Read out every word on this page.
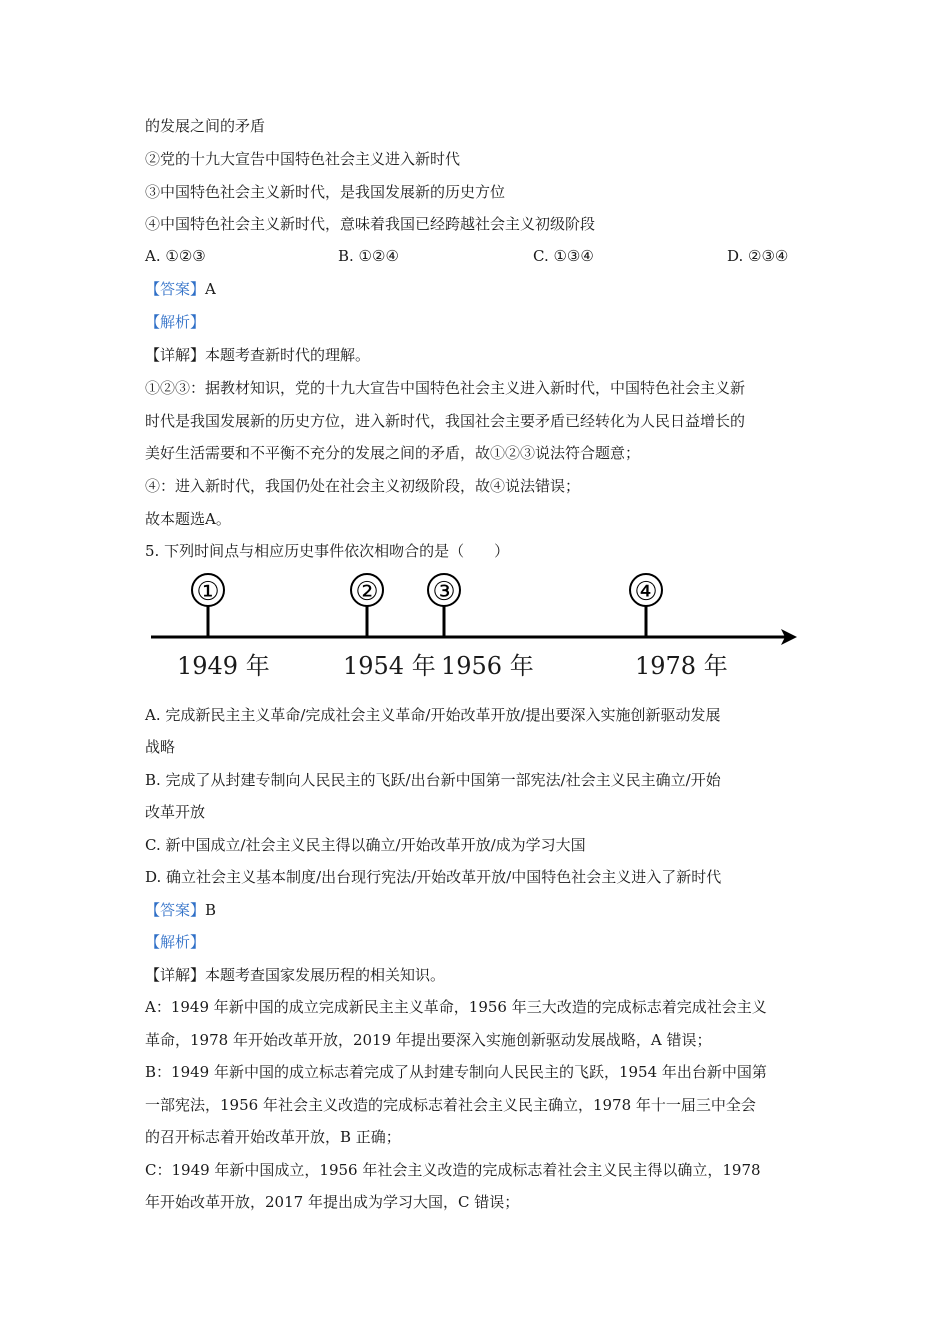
的发展之间的矛盾
②党的十九大宣告中国特色社会主义进入新时代
③中国特色社会主义新时代，是我国发展新的历史方位
④中国特色社会主义新时代，意味着我国已经跨越社会主义初级阶段
A. ①②③	B. ①②④	C. ①③④	D. ②③④
【答案】A
【解析】
【详解】本题考查新时代的理解。
①②③：据教材知识，党的十九大宣告中国特色社会主义进入新时代，中国特色社会主义新
时代是我国发展新的历史方位，进入新时代，我国社会主要矛盾已经转化为人民日益增长的
美好生活需要和不平衡不充分的发展之间的矛盾，故①②③说法符合题意；
④：进入新时代，我国仍处在社会主义初级阶段，故④说法错误；
故本题选A。
5. 下列时间点与相应历史事件依次相吻合的是（　　）
①	② ③	④
1949 年	1954 年 1956 年	1978 年
A. 完成新民主主义革命/完成社会主义革命/开始改革开放/提出要深入实施创新驱动发展
战略
B. 完成了从封建专制向人民民主的飞跃/出台新中国第一部宪法/社会主义民主确立/开始
改革开放
C. 新中国成立/社会主义民主得以确立/开始改革开放/成为学习大国
D. 确立社会主义基本制度/出台现行宪法/开始改革开放/中国特色社会主义进入了新时代
【答案】B
【解析】
【详解】本题考查国家发展历程的相关知识。
A：1949 年新中国的成立完成新民主主义革命，1956 年三大改造的完成标志着完成社会主义
革命，1978 年开始改革开放，2019 年提出要深入实施创新驱动发展战略，A 错误；
B：1949 年新中国的成立标志着完成了从封建专制向人民民主的飞跃，1954 年出台新中国第
一部宪法，1956 年社会主义改造的完成标志着社会主义民主确立，1978 年十一届三中全会
的召开标志着开始改革开放，B 正确；
C：1949 年新中国成立，1956 年社会主义改造的完成标志着社会主义民主得以确立，1978
年开始改革开放，2017 年提出成为学习大国，C 错误；
